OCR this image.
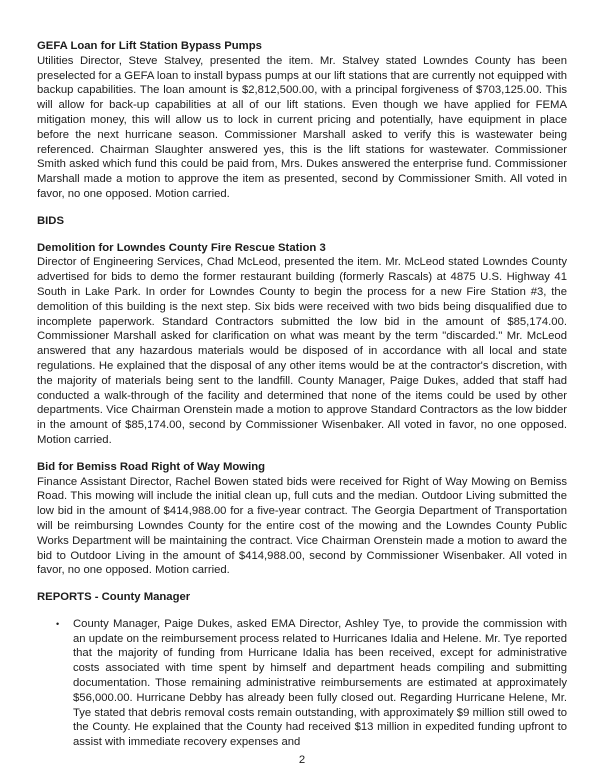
GEFA Loan for Lift Station Bypass Pumps

Utilities Director, Steve Stalvey, presented the item. Mr. Stalvey stated Lowndes County has been preselected for a GEFA loan to install bypass pumps at our lift stations that are currently not equipped with backup capabilities. The loan amount is $2,812,500.00, with a principal forgiveness of $703,125.00. This will allow for back-up capabilities at all of our lift stations. Even though we have applied for FEMA mitigation money, this will allow us to lock in current pricing and potentially, have equipment in place before the next hurricane season. Commissioner Marshall asked to verify this is wastewater being referenced. Chairman Slaughter answered yes, this is the lift stations for wastewater. Commissioner Smith asked which fund this could be paid from, Mrs. Dukes answered the enterprise fund. Commissioner Marshall made a motion to approve the item as presented, second by Commissioner Smith. All voted in favor, no one opposed. Motion carried.

BIDS

Demolition for Lowndes County Fire Rescue Station 3

Director of Engineering Services, Chad McLeod, presented the item. Mr. McLeod stated Lowndes County advertised for bids to demo the former restaurant building (formerly Rascals) at 4875 U.S. Highway 41 South in Lake Park. In order for Lowndes County to begin the process for a new Fire Station #3, the demolition of this building is the next step. Six bids were received with two bids being disqualified due to incomplete paperwork. Standard Contractors submitted the low bid in the amount of $85,174.00. Commissioner Marshall asked for clarification on what was meant by the term "discarded." Mr. McLeod answered that any hazardous materials would be disposed of in accordance with all local and state regulations. He explained that the disposal of any other items would be at the contractor's discretion, with the majority of materials being sent to the landfill. County Manager, Paige Dukes, added that staff had conducted a walk-through of the facility and determined that none of the items could be used by other departments. Vice Chairman Orenstein made a motion to approve Standard Contractors as the low bidder in the amount of $85,174.00, second by Commissioner Wisenbaker. All voted in favor, no one opposed. Motion carried.

Bid for Bemiss Road Right of Way Mowing

Finance Assistant Director, Rachel Bowen stated bids were received for Right of Way Mowing on Bemiss Road. This mowing will include the initial clean up, full cuts and the median. Outdoor Living submitted the low bid in the amount of $414,988.00 for a five-year contract. The Georgia Department of Transportation will be reimbursing Lowndes County for the entire cost of the mowing and the Lowndes County Public Works Department will be maintaining the contract. Vice Chairman Orenstein made a motion to award the bid to Outdoor Living in the amount of $414,988.00, second by Commissioner Wisenbaker. All voted in favor, no one opposed. Motion carried.

REPORTS - County Manager

•	County Manager, Paige Dukes, asked EMA Director, Ashley Tye, to provide the commission with an update on the reimbursement process related to Hurricanes Idalia and Helene. Mr. Tye reported that the majority of funding from Hurricane Idalia has been received, except for administrative costs associated with time spent by himself and department heads compiling and submitting documentation. Those remaining administrative reimbursements are estimated at approximately $56,000.00. Hurricane Debby has already been fully closed out. Regarding Hurricane Helene, Mr. Tye stated that debris removal costs remain outstanding, with approximately $9 million still owed to the County. He explained that the County had received $13 million in expedited funding upfront to assist with immediate recovery expenses and
2
